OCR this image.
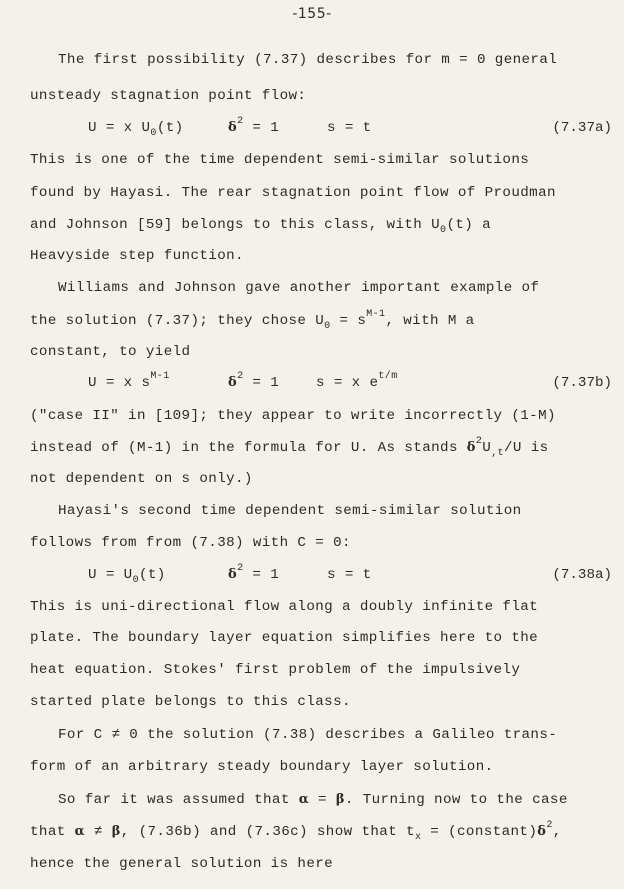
-155-
The first possibility (7.37) describes for m = 0 general
unsteady stagnation point flow:
U = x $U_0(t)$	$\delta^2 = 1$	s = t	(7.37a)
This is one of the time dependent semi-similar solutions
found by Hayasi. The rear stagnation point flow of Proudman
and Johnson [59] belongs to this class, with $U_0(t)$ a
Heavyside step function.
Williams and Johnson gave another important example of
the solution (7.37); they chose $U_0 = s^{M-1}$, with M a
constant, to yield
U = x $s^{M-1}$	$\delta^2 = 1$	s = x $e^{t/m}$	(7.37b)
("case II" in [109]; they appear to write incorrectly (1-M)
instead of (M-1) in the formula for U. As stands $\delta^2U_{,t}/U$ is
not dependent on s only.)
Hayasi's second time dependent semi-similar solution
follows from from (7.38) with C = 0:
$U = U_0(t)$	$\delta^2 = 1$	s = t	(7.38a)
This is uni-directional flow along a doubly infinite flat
plate. The boundary layer equation simplifies here to the
heat equation. Stokes' first problem of the impulsively
started plate belongs to this class.
For C ≠ 0 the solution (7.38) describes a Galileo trans-
form of an arbitrary steady boundary layer solution.
So far it was assumed that α = β. Turning now to the case
that α ≠ β, (7.36b) and (7.36c) show that $t_x$ = $(constant)\delta^2$,
hence the general solution is here
